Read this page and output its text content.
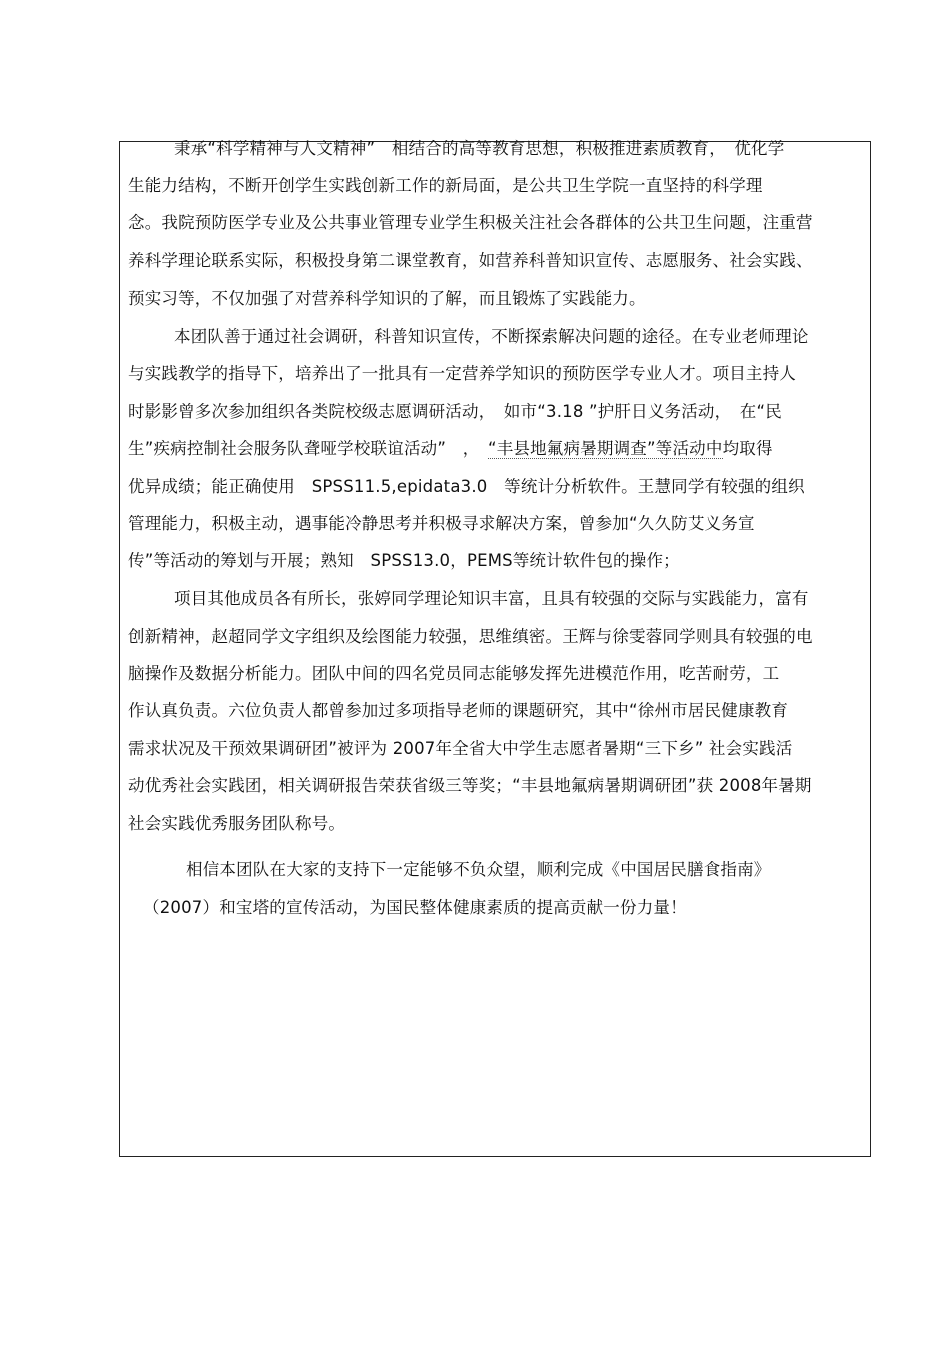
秉承“科学精神与人文精神”　相结合的高等教育思想，积极推进素质教育，　优化学
生能力结构，不断开创学生实践创新工作的新局面，是公共卫生学院一直坚持的科学理
念。我院预防医学专业及公共事业管理专业学生积极关注社会各群体的公共卫生问题，注重营
养科学理论联系实际，积极投身第二课堂教育，如营养科普知识宣传、志愿服务、社会实践、
预实习等，不仅加强了对营养科学知识的了解，而且锻炼了实践能力。
本团队善于通过社会调研，科普知识宣传，不断探索解决问题的途径。在专业老师理论
与实践教学的指导下，培养出了一批具有一定营养学知识的预防医学专业人才。项目主持人
时影影曾多次参加组织各类院校级志愿调研活动，　如市“3.18 ”护肝日义务活动，　在“民
生”疾病控制社会服务队聋哑学校联谊活动”　，　“丰县地氟病暑期调查”等活动中均取得
优异成绩；能正确使用　SPSS11.5,epidata3.0　等统计分析软件。王慧同学有较强的组织
管理能力，积极主动，遇事能冷静思考并积极寻求解决方案，曾参加“久久防艾义务宣
传”等活动的筹划与开展；熟知　SPSS13.0，PEMS等统计软件包的操作；
项目其他成员各有所长，张婷同学理论知识丰富，且具有较强的交际与实践能力，富有
创新精神，赵超同学文字组织及绘图能力较强，思维缜密。王辉与徐雯蓉同学则具有较强的电
脑操作及数据分析能力。团队中间的四名党员同志能够发挥先进模范作用，吃苦耐劳，工
作认真负责。六位负责人都曾参加过多项指导老师的课题研究，其中“徐州市居民健康教育
需求状况及干预效果调研团”被评为 2007年全省大中学生志愿者暑期“三下乡” 社会实践活
动优秀社会实践团，相关调研报告荣获省级三等奖；“丰县地氟病暑期调研团”获 2008年暑期
社会实践优秀服务团队称号。
相信本团队在大家的支持下一定能够不负众望，顺利完成《中国居民膳食指南》
（2007）和宝塔的宣传活动，为国民整体健康素质的提高贡献一份力量！
